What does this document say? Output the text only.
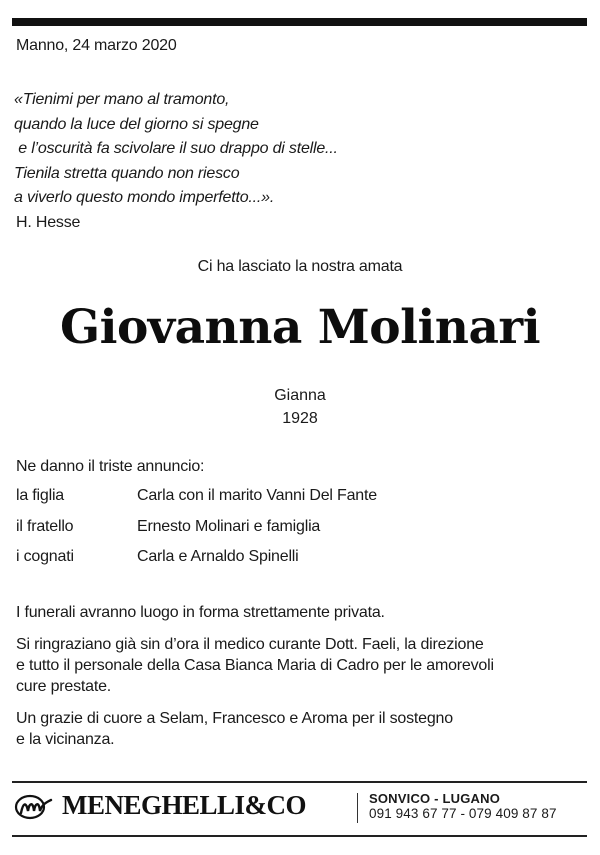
Manno, 24 marzo 2020
«Tienimi per mano al tramonto,
quando la luce del giorno si spegne
e l’oscurità fa scivolare il suo drappo di stelle...
Tienila stretta quando non riesco
a viverlo questo mondo imperfetto...».
H. Hesse
Ci ha lasciato la nostra amata
Giovanna Molinari
Gianna
1928
Ne danno il triste annuncio:
la figlia	Carla con il marito Vanni Del Fante
il fratello	Ernesto Molinari e famiglia
i cognati	Carla e Arnaldo Spinelli
I funerali avranno luogo in forma strettamente privata.
Si ringraziano già sin d’ora il medico curante Dott. Faeli, la direzione
e tutto il personale della Casa Bianca Maria di Cadro per le amorevoli
cure prestate.
Un grazie di cuore a Selam, Francesco e Aroma per il sostegno
e la vicinanza.
MENEGHELLI&CO	SONVICO - LUGANO
091 943 67 77 - 079 409 87 87
